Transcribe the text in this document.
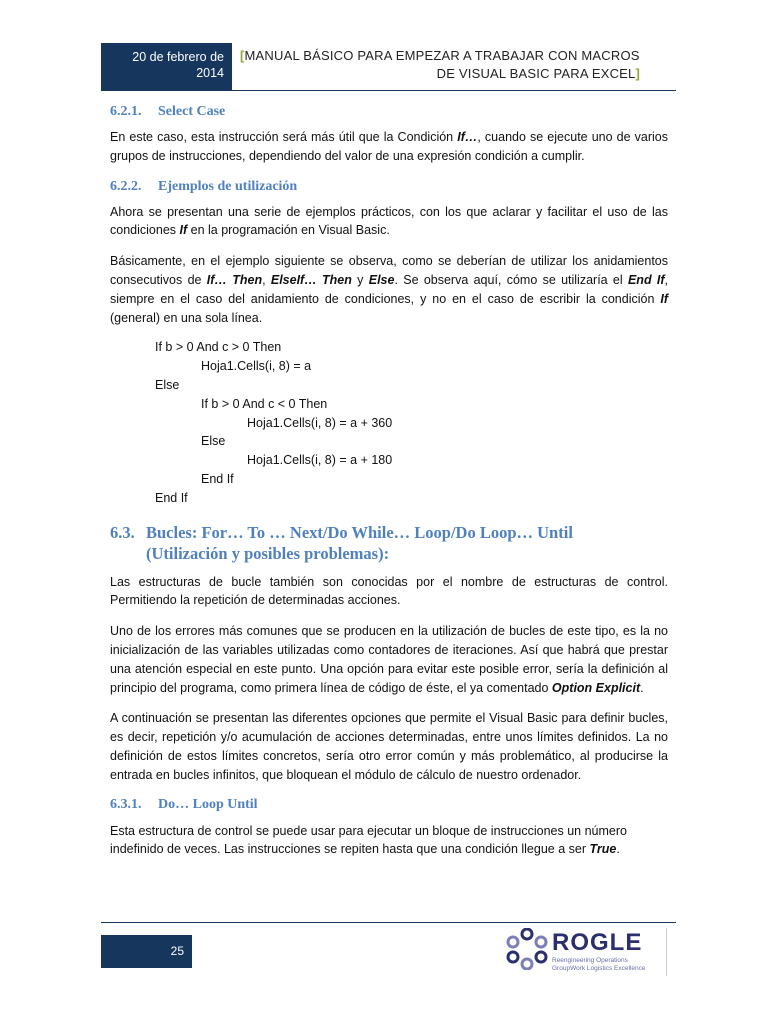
20 de febrero de
2014
[MANUAL BÁSICO PARA EMPEZAR A TRABAJAR CON MACROS
DE VISUAL BASIC PARA EXCEL]
6.2.1. Select Case

En este caso, esta instrucción será más útil que la Condición If…, cuando se ejecute uno de varios grupos de instrucciones, dependiendo del valor de una expresión condición a cumplir.

6.2.2. Ejemplos de utilización

Ahora se presentan una serie de ejemplos prácticos, con los que aclarar y facilitar el uso de las condiciones If en la programación en Visual Basic.

Básicamente, en el ejemplo siguiente se observa, como se deberían de utilizar los anidamientos consecutivos de If… Then, ElseIf… Then y Else. Se observa aquí, cómo se utilizaría el End If, siempre en el caso del anidamiento de condiciones, y no en el caso de escribir la condición If (general) en una sola línea.

If b > 0 And c > 0 Then
Hoja1.Cells(i, 8) = a
Else
If b > 0 And c < 0 Then
Hoja1.Cells(i, 8) = a + 360
Else
Hoja1.Cells(i, 8) = a + 180
End If
End If
6.3. Bucles: For… To … Next/Do While… Loop/Do Loop… Until
(Utilización y posibles problemas):

Las estructuras de bucle también son conocidas por el nombre de estructuras de control. Permitiendo la repetición de determinadas acciones.

Uno de los errores más comunes que se producen en la utilización de bucles de este tipo, es la no inicialización de las variables utilizadas como contadores de iteraciones. Así que habrá que prestar una atención especial en este punto. Una opción para evitar este posible error, sería la definición al principio del programa, como primera línea de código de éste, el ya comentado Option Explicit.

A continuación se presentan las diferentes opciones que permite el Visual Basic para definir bucles, es decir, repetición y/o acumulación de acciones determinadas, entre unos límites definidos. La no definición de estos límites concretos, sería otro error común y más problemático, al producirse la entrada en bucles infinitos, que bloquean el módulo de cálculo de nuestro ordenador.

6.3.1. Do… Loop Until

Esta estructura de control se puede usar para ejecutar un bloque de instrucciones un número indefinido de veces. Las instrucciones se repiten hasta que una condición llegue a ser True.

25	ROGLE
Reengineering Operations
GroupWork Logistics Excellence
